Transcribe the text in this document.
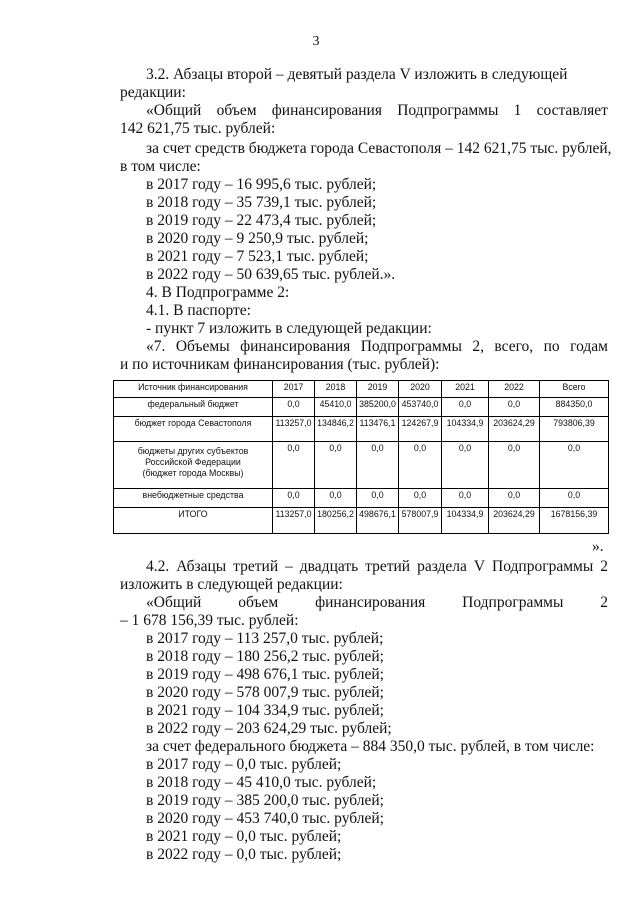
3
3.2. Абзацы второй – девятый раздела V изложить в следующей
редакции:
«Общий объем финансирования Подпрограммы 1 составляет
142 621,75 тыс. рублей:
за счет средств бюджета города Севастополя – 142 621,75 тыс. рублей,
в том числе:
в 2017 году – 16 995,6 тыс. рублей;
в 2018 году – 35 739,1 тыс. рублей;
в 2019 году – 22 473,4 тыс. рублей;
в 2020 году – 9 250,9 тыс. рублей;
в 2021 году – 7 523,1 тыс. рублей;
в 2022 году – 50 639,65 тыс. рублей.».
4. В Подпрограмме 2:
4.1. В паспорте:
- пункт 7 изложить в следующей редакции:
«7. Объемы финансирования Подпрограммы 2, всего, по годам
и по источникам финансирования (тыс. рублей):
Источник финансирования	2017	2018	2019	2020	2021	2022	Всего
федеральный бюджет	0,0	45410,0	385200,0	453740,0	0,0	0,0	884350,0
бюджет города Севастополя	113257,0	134846,2	113476,1	124267,9	104334,9	203624,29	793806,39
бюджеты других субъектов Российской Федерации (бюджет города Москвы)	0,0	0,0	0,0	0,0	0,0	0,0	0,0
внебюджетные средства	0,0	0,0	0,0	0,0	0,0	0,0	0,0
ИТОГО	113257,0	180256,2	498676,1	578007,9	104334,9	203624,29	1678156,39
».
4.2. Абзацы третий – двадцать третий раздела V Подпрограммы 2
изложить в следующей редакции:
«Общий объем финансирования Подпрограммы 2
– 1 678 156,39 тыс. рублей:
в 2017 году – 113 257,0 тыс. рублей;
в 2018 году – 180 256,2 тыс. рублей;
в 2019 году – 498 676,1 тыс. рублей;
в 2020 году – 578 007,9 тыс. рублей;
в 2021 году – 104 334,9 тыс. рублей;
в 2022 году – 203 624,29 тыс. рублей;
за счет федерального бюджета – 884 350,0 тыс. рублей, в том числе:
в 2017 году – 0,0 тыс. рублей;
в 2018 году – 45 410,0 тыс. рублей;
в 2019 году – 385 200,0 тыс. рублей;
в 2020 году – 453 740,0 тыс. рублей;
в 2021 году – 0,0 тыс. рублей;
в 2022 году – 0,0 тыс. рублей;
